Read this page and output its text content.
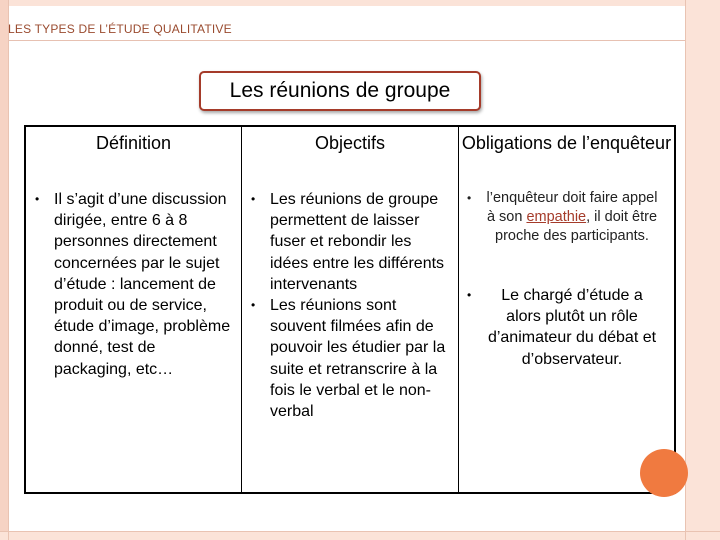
LES TYPES DE L’ÉTUDE QUALITATIVE
Les réunions de groupe
Définition
• Il s’agit d’une discussion dirigée, entre 6 à 8 personnes directement concernées par le sujet d’étude : lancement de produit ou de service, étude d’image, problème donné, test de packaging, etc…
Objectifs
• Les réunions de groupe permettent de laisser fuser et rebondir les idées entre les différents intervenants
• Les réunions sont souvent filmées afin de pouvoir les étudier par la suite et retranscrire à la fois le verbal et le non-verbal
Obligations de l’enquêteur
• l’enquêteur doit faire appel à son empathie, il doit être proche des participants.
• Le chargé d’étude a alors plutôt un rôle d’animateur du débat et d’observateur.
